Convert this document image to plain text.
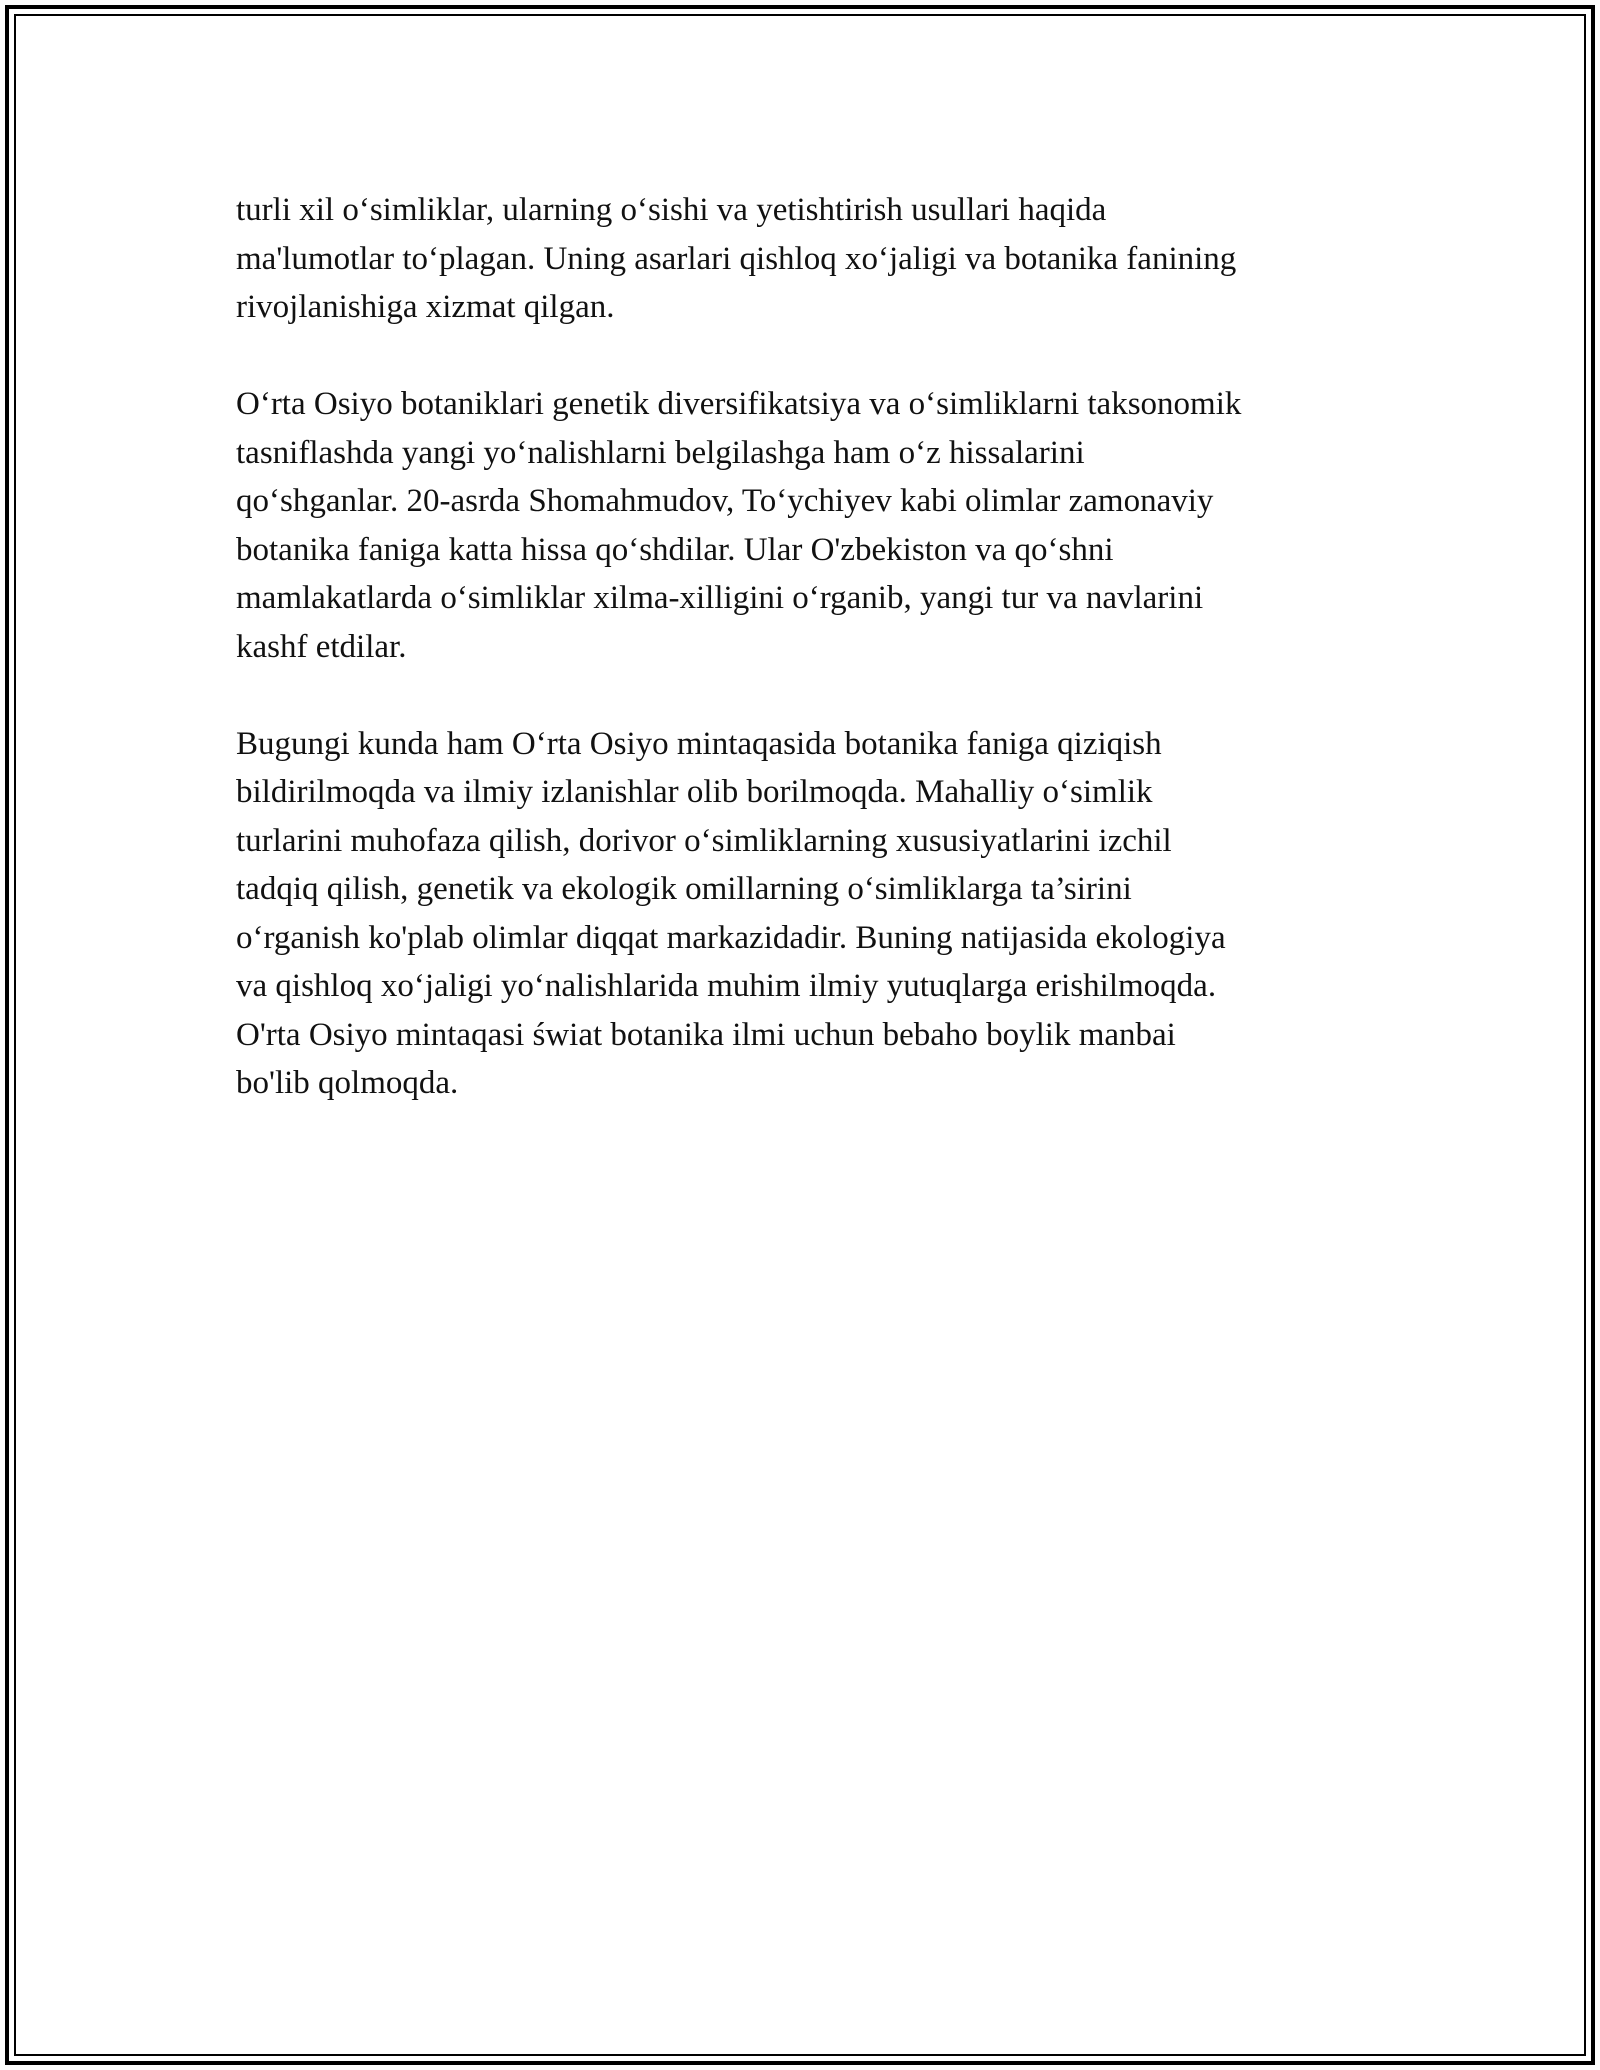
turli xil o‘simliklar, ularning o‘sishi va yetishtirish usullari haqida
ma'lumotlar to‘plagan. Uning asarlari qishloq xo‘jaligi va botanika fanining
rivojlanishiga xizmat qilgan.

O‘rta Osiyo botaniklari genetik diversifikatsiya va o‘simliklarni taksonomik
tasniflashda yangi yo‘nalishlarni belgilashga ham o‘z hissalarini
qo‘shganlar. 20-asrda Shomahmudov, To‘ychiyev kabi olimlar zamonaviy
botanika faniga katta hissa qo‘shdilar. Ular O'zbekiston va qo‘shni
mamlakatlarda o‘simliklar xilma-xilligini o‘rganib, yangi tur va navlarini
kashf etdilar.

Bugungi kunda ham O‘rta Osiyo mintaqasida botanika faniga qiziqish
bildirilmoqda va ilmiy izlanishlar olib borilmoqda. Mahalliy o‘simlik
turlarini muhofaza qilish, dorivor o‘simliklarning xususiyatlarini izchil
tadqiq qilish, genetik va ekologik omillarning o‘simliklarga ta’sirini
o‘rganish ko'plab olimlar diqqat markazidadir. Buning natijasida ekologiya
va qishloq xo‘jaligi yo‘nalishlarida muhim ilmiy yutuqlarga erishilmoqda.
O'rta Osiyo mintaqasi świat botanika ilmi uchun bebaho boylik manbai
bo'lib qolmoqda.
